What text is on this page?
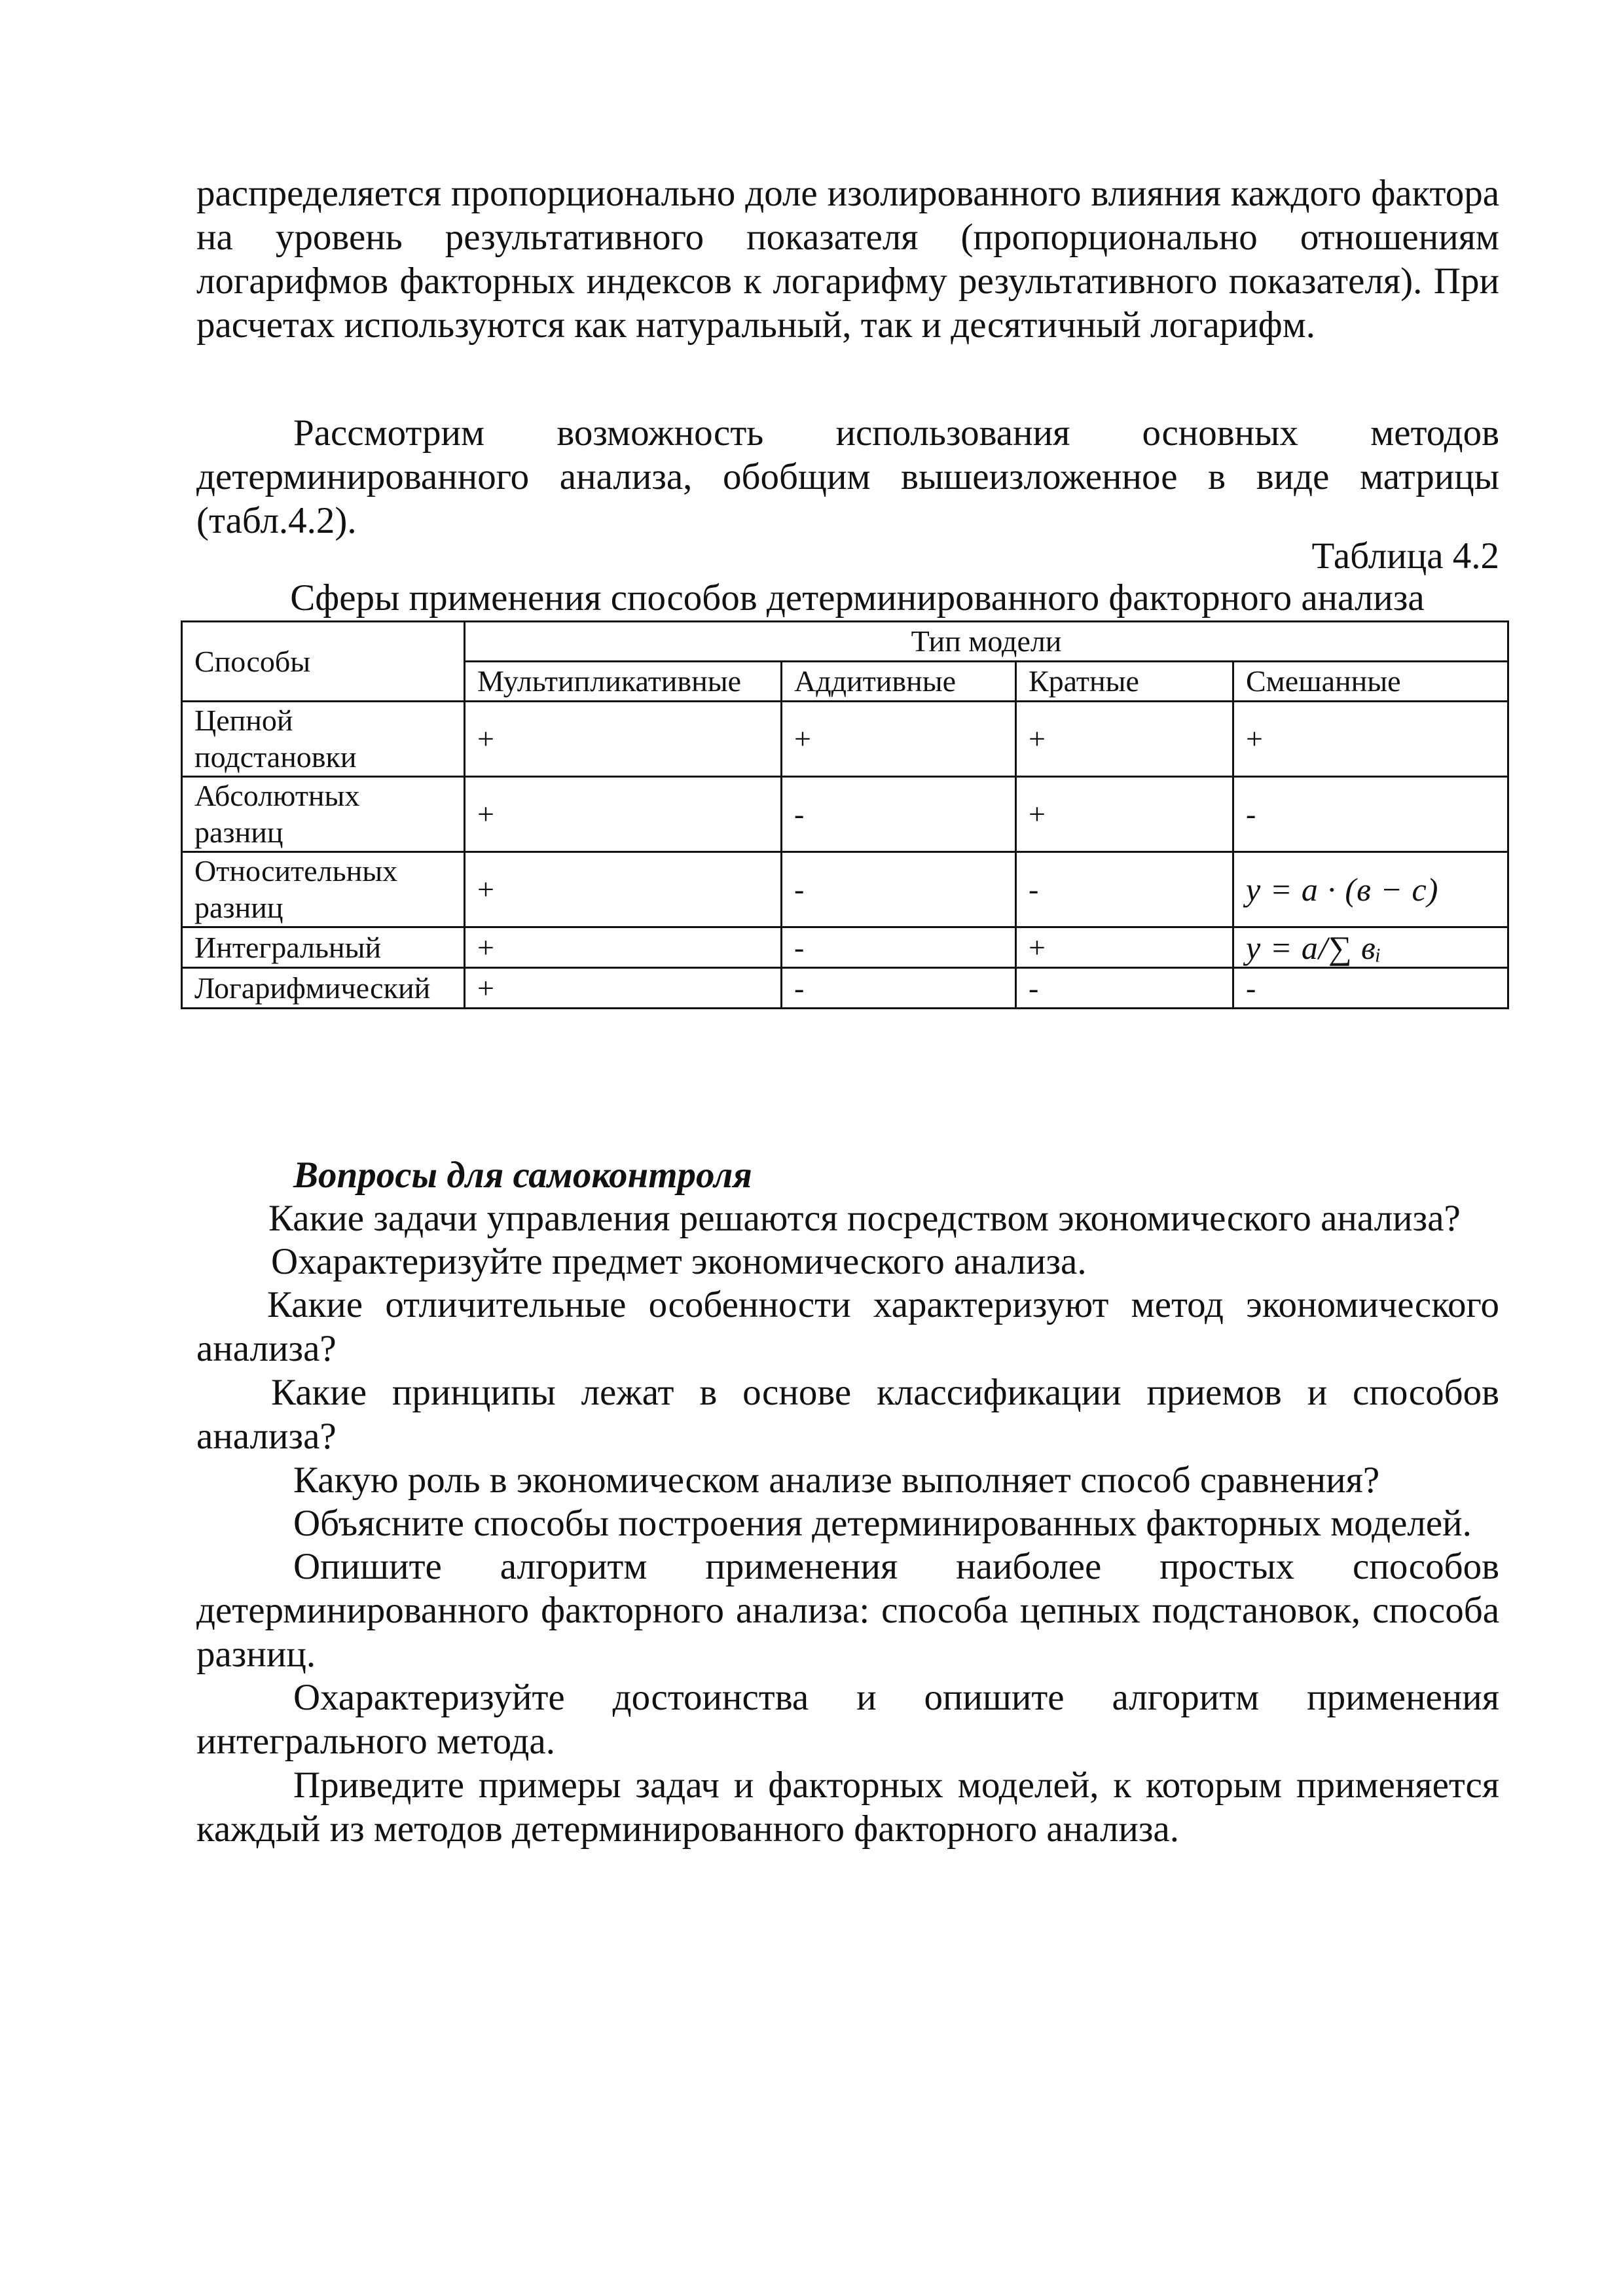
распределяется пропорционально доле изолированного влияния каждого фактора на уровень результативного показателя (пропорционально отношениям логарифмов факторных индексов к логарифму результативного показателя). При расчетах используются как натуральный, так и десятичный логарифм.

Рассмотрим возможность использования основных методов детерминированного анализа, обобщим вышеизложенное в виде матрицы (табл.4.2).

Таблица 4.2
Сферы применения способов детерминированного факторного анализа
Способы	Тип модели			
	Мультипликативные	Аддитивные	Кратные	Смешанные
Цепной подстановки	+	+	+	+
Абсолютных разниц	+	-	+	-
Относительных разниц	+	-	-	y = a · (в − c)
Интегральный	+	-	+	y = a/∑ вᵢ
Логарифмический	+	-	-	-
Вопросы для самоконтроля

Какие задачи управления решаются посредством экономического анализа?

Охарактеризуйте предмет экономического анализа.

Какие отличительные особенности характеризуют метод экономического анализа?

Какие принципы лежат в основе классификации приемов и способов анализа?

Какую роль в экономическом анализе выполняет способ сравнения?

Объясните способы построения детерминированных факторных моделей.

Опишите алгоритм применения наиболее простых способов детерминированного факторного анализа: способа цепных подстановок, способа разниц.

Охарактеризуйте достоинства и опишите алгоритм применения интегрального метода.

Приведите примеры задач и факторных моделей, к которым применяется каждый из методов детерминированного факторного анализа.
